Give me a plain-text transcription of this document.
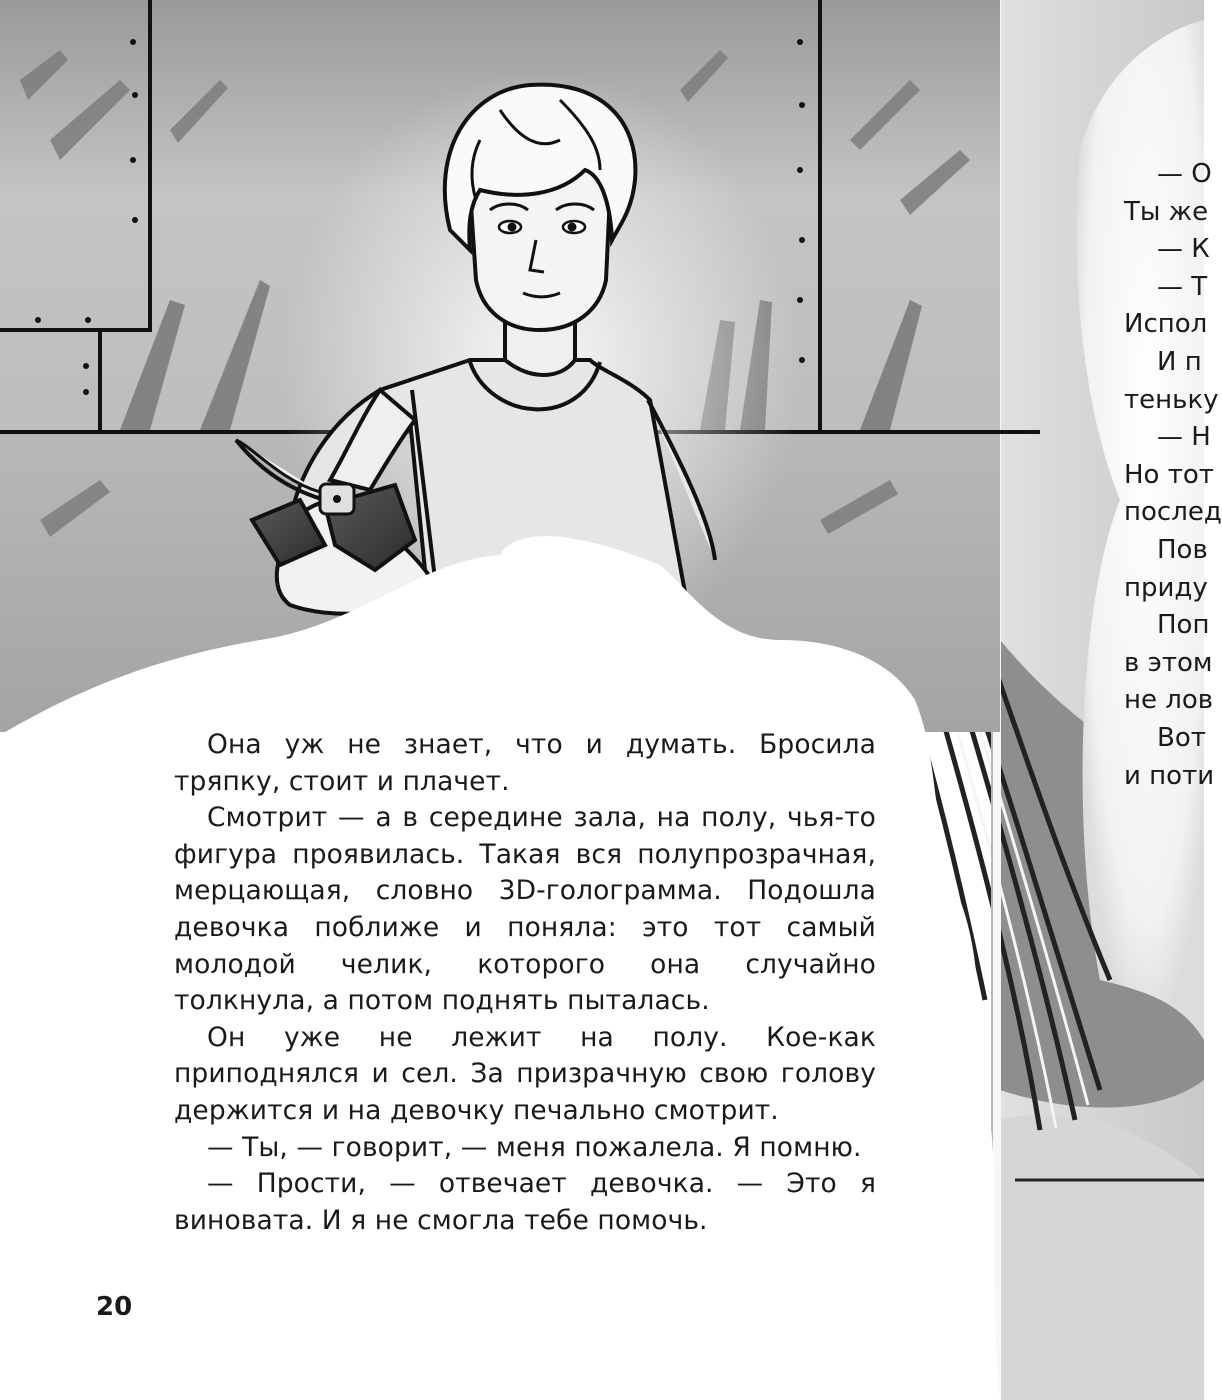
Она уж не знает, что и думать. Бросила тряпку, стоит и плачет.

Смотрит — а в середине зала, на полу, чья-то фигура проявилась. Такая вся полупрозрачная, мерцающая, словно 3D-голограмма. Подошла девочка поближе и поняла: это тот самый молодой челик, которого она случайно толкнула, а потом поднять пыталась.

Он уже не лежит на полу. Кое-как приподнялся и сел. За призрачную свою голову держится и на девочку печально смотрит.

— Ты, — говорит, — меня пожалела. Я помню.

— Прости, — отвечает девочка. — Это я виновата. И я не смогла тебе помочь.

20
— О
Ты же
— К
— Т
Испол
И п
теньку
— Н
Но тот
послед
Пов
приду
Поп
в этом
не лов
Вот
и поти
